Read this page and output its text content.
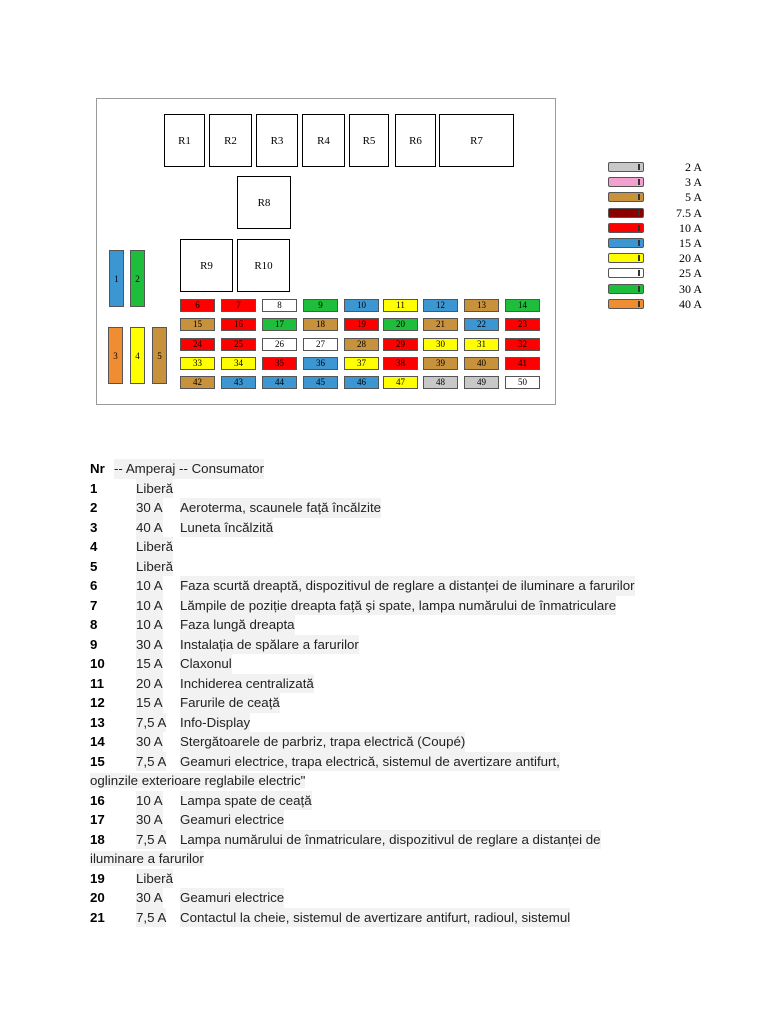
R1	R2	R3	R4	R5	R6	R7
R8
R9	R10
1	2
3	4	5
6	7	8	9	10	11	12	13	14
15	16	17	18	19	20	21	22	23
24	25	26	27	28	29	30	31	32
33	34	35	36	37	38	39	40	41
42	43	44	45	46	47	48	49	50
2 A
3 A
5 A
7.5 A
10 A
15 A
20 A
25 A
30 A
40 A
Nr -- Amperaj -- Consumator
1	Liberă
2	30 A Aeroterma, scaunele față încălzite
3	40 A Luneta încălzită
4	Liberă
5	Liberă
6	10 A Faza scurtă dreaptă, dispozitivul de reglare a distanței de iluminare a farurilor
7	10 A Lămpile de poziție dreapta față şi spate, lampa numărului de înmatriculare
8	10 A Faza lungă dreapta
9	30 A Instalația de spălare a farurilor
10 15 A Claxonul
11 20 A Inchiderea centralizată
12 15 A Farurile de ceață
13 7,5 A Info-Display
14 30 A Stergătoarele de parbriz, trapa electrică (Coupé)
15 7,5 A Geamuri electrice, trapa electrică, sistemul de avertizare antifurt,
oglinzile exterioare reglabile electric"
16 10 A Lampa spate de ceață
17 30 A Geamuri electrice
18 7,5 A Lampa numărului de înmatriculare, dispozitivul de reglare a distanței de
iluminare a farurilor
19 Liberă
20 30 A Geamuri electrice
21 7,5 A Contactul la cheie, sistemul de avertizare antifurt, radioul, sistemul
